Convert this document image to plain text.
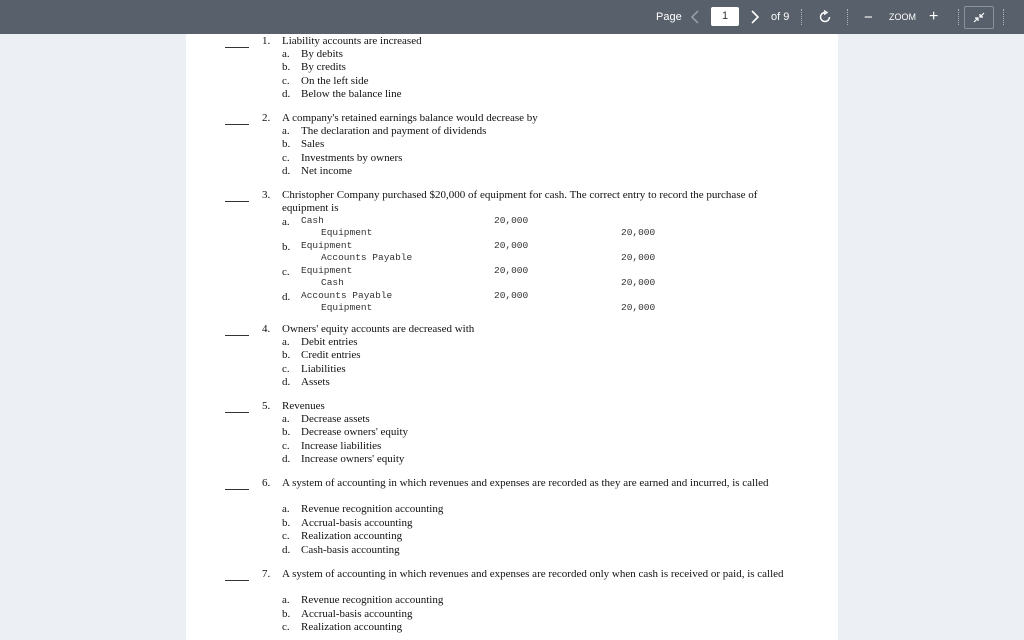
Page	1	of 9	− ZOOM +
1. Liability accounts are increased
a. By debits
b. By credits
c. On the left side
d. Below the balance line
2. A company's retained earnings balance would decrease by
a. The declaration and payment of dividends
b. Sales
c. Investments by owners
d. Net income
3. Christopher Company purchased $20,000 of equipment for cash. The correct entry to record the purchase of equipment is
a. Cash	20,000
Equipment	20,000
b. Equipment	20,000
Accounts Payable	20,000
c. Equipment	20,000
Cash	20,000
d. Accounts Payable	20,000
Equipment	20,000
4. Owners' equity accounts are decreased with
a. Debit entries
b. Credit entries
c. Liabilities
d. Assets
5. Revenues
a. Decrease assets
b. Decrease owners' equity
c. Increase liabilities
d. Increase owners' equity
6. A system of accounting in which revenues and expenses are recorded as they are earned and incurred, is called
a. Revenue recognition accounting
b. Accrual-basis accounting
c. Realization accounting
d. Cash-basis accounting
7. A system of accounting in which revenues and expenses are recorded only when cash is received or paid, is called
a. Revenue recognition accounting
b. Accrual-basis accounting
c. Realization accounting
